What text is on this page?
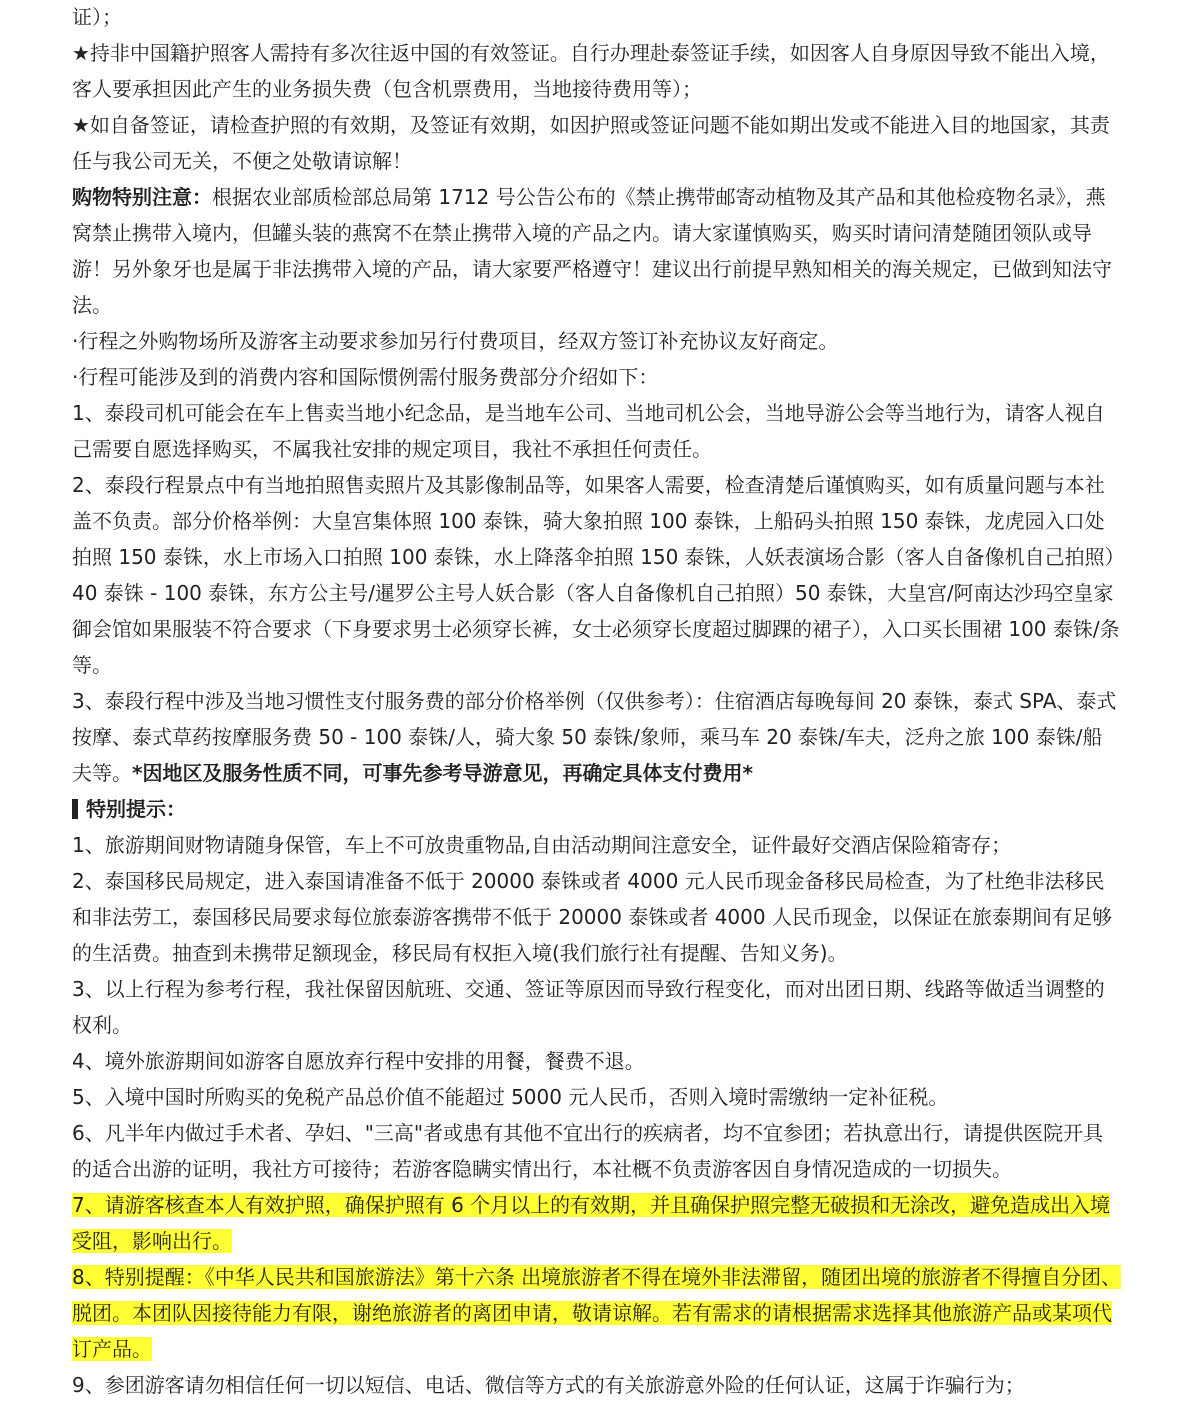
证）；

★持非中国籍护照客人需持有多次往返中国的有效签证。自行办理赴泰签证手续，如因客人自身原因导致不能出入境，客人要承担因此产生的业务损失费（包含机票费用，当地接待费用等）；

★如自备签证，请检查护照的有效期，及签证有效期，如因护照或签证问题不能如期出发或不能进入目的地国家，其责任与我公司无关，不便之处敬请谅解！

购物特别注意：根据农业部质检部总局第 1712 号公告公布的《禁止携带邮寄动植物及其产品和其他检疫物名录》，燕窝禁止携带入境内，但罐头装的燕窝不在禁止携带入境的产品之内。请大家谨慎购买，购买时请问清楚随团领队或导游！另外象牙也是属于非法携带入境的产品，请大家要严格遵守！建议出行前提早熟知相关的海关规定，已做到知法守法。

·行程之外购物场所及游客主动要求参加另行付费项目，经双方签订补充协议友好商定。

·行程可能涉及到的消费内容和国际惯例需付服务费部分介绍如下：

1、泰段司机可能会在车上售卖当地小纪念品，是当地车公司、当地司机公会，当地导游公会等当地行为，请客人视自己需要自愿选择购买，不属我社安排的规定项目，我社不承担任何责任。

2、泰段行程景点中有当地拍照售卖照片及其影像制品等，如果客人需要，检查清楚后谨慎购买，如有质量问题与本社盖不负责。部分价格举例：大皇宫集体照 100 泰铢，骑大象拍照 100 泰铢，上船码头拍照 150 泰铢，龙虎园入口处拍照 150 泰铢，水上市场入口拍照 100 泰铢，水上降落伞拍照 150 泰铢，人妖表演场合影（客人自备像机自己拍照）40 泰铢 - 100 泰铢，东方公主号/暹罗公主号人妖合影（客人自备像机自己拍照）50 泰铢，大皇宫/阿南达沙玛空皇家御会馆如果服装不符合要求（下身要求男士必须穿长裤，女士必须穿长度超过脚踝的裙子），入口买长围裙 100 泰铢/条等。

3、泰段行程中涉及当地习惯性支付服务费的部分价格举例（仅供参考）：住宿酒店每晚每间 20 泰铢，泰式 SPA、泰式按摩、泰式草药按摩服务费 50 - 100 泰铢/人，骑大象 50 泰铢/象师，乘马车 20 泰铢/车夫，泛舟之旅 100 泰铢/船夫等。*因地区及服务性质不同，可事先参考导游意见，再确定具体支付费用*

特别提示：

1、旅游期间财物请随身保管，车上不可放贵重物品,自由活动期间注意安全，证件最好交酒店保险箱寄存；

2、泰国移民局规定，进入泰国请准备不低于 20000 泰铢或者 4000 元人民币现金备移民局检查，为了杜绝非法移民和非法劳工，泰国移民局要求每位旅泰游客携带不低于 20000 泰铢或者 4000 人民币现金，以保证在旅泰期间有足够的生活费。抽查到未携带足额现金，移民局有权拒入境(我们旅行社有提醒、告知义务)。

3、以上行程为参考行程，我社保留因航班、交通、签证等原因而导致行程变化，而对出团日期、线路等做适当调整的权利。

4、境外旅游期间如游客自愿放弃行程中安排的用餐，餐费不退。

5、入境中国时所购买的免税产品总价值不能超过 5000 元人民币，否则入境时需缴纳一定补征税。

6、凡半年内做过手术者、孕妇、"三高"者或患有其他不宜出行的疾病者，均不宜参团；若执意出行，请提供医院开具的适合出游的证明，我社方可接待；若游客隐瞒实情出行，本社概不负责游客因自身情况造成的一切损失。

7、请游客核查本人有效护照，确保护照有 6 个月以上的有效期，并且确保护照完整无破损和无涂改，避免造成出入境受阻，影响出行。

8、特别提醒：《中华人民共和国旅游法》第十六条 出境旅游者不得在境外非法滞留，随团出境的旅游者不得擅自分团、脱团。本团队因接待能力有限，谢绝旅游者的离团申请，敬请谅解。若有需求的请根据需求选择其他旅游产品或某项代订产品。

9、参团游客请勿相信任何一切以短信、电话、微信等方式的有关旅游意外险的任何认证，这属于诈骗行为；
